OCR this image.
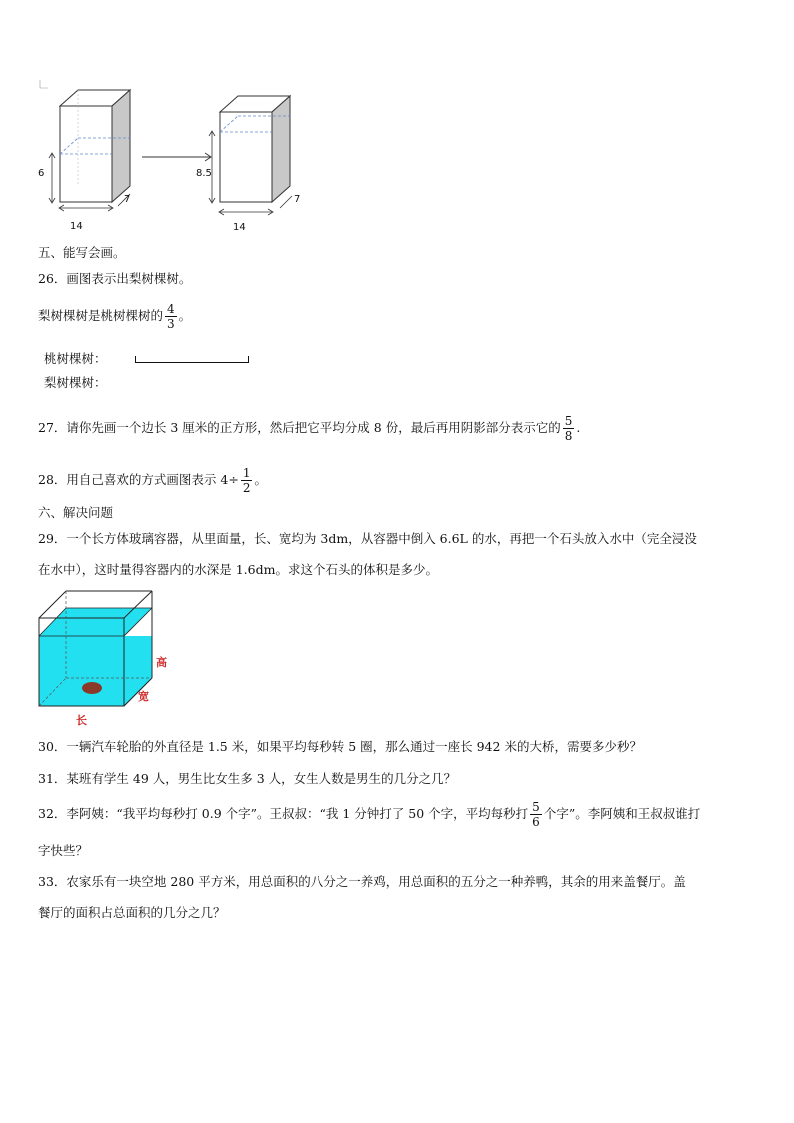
6
14
7
8.5
14
7
五、能写会画。
26．画图表示出梨树棵树。
梨树棵树是桃树棵树的 $\frac{4}{3}$ 。
桃树棵树：
梨树棵树：
27．请你先画一个边长 3 厘米的正方形，然后把它平均分成 8 份，最后再用阴影部分表示它的 $\frac{5}{8}$ .
28．用自己喜欢的方式画图表示 $4\div \frac{1}{2}$ 。
六、解决问题
29．一个长方体玻璃容器，从里面量，长、宽均为 3dm，从容器中倒入 6.6L 的水，再把一个石头放入水中（完全浸没
在水中），这时量得容器内的水深是 1.6dm。求这个石头的体积是多少。
高
宽
长
30．一辆汽车轮胎的外直径是 1.5 米，如果平均每秒转 5 圈，那么通过一座长 942 米的大桥，需要多少秒？
31．某班有学生 49 人，男生比女生多 3 人，女生人数是男生的几分之几？
32．李阿姨：“我平均每秒打 0.9 个字”。王叔叔：“我 1 分钟打了 50 个字，平均每秒打 $\frac{5}{6}$ 个字”。李阿姨和王叔叔谁打
字快些？
33．农家乐有一块空地 280 平方米，用总面积的八分之一养鸡，用总面积的五分之一种养鸭，其余的用来盖餐厅。盖
餐厅的面积占总面积的几分之几？
